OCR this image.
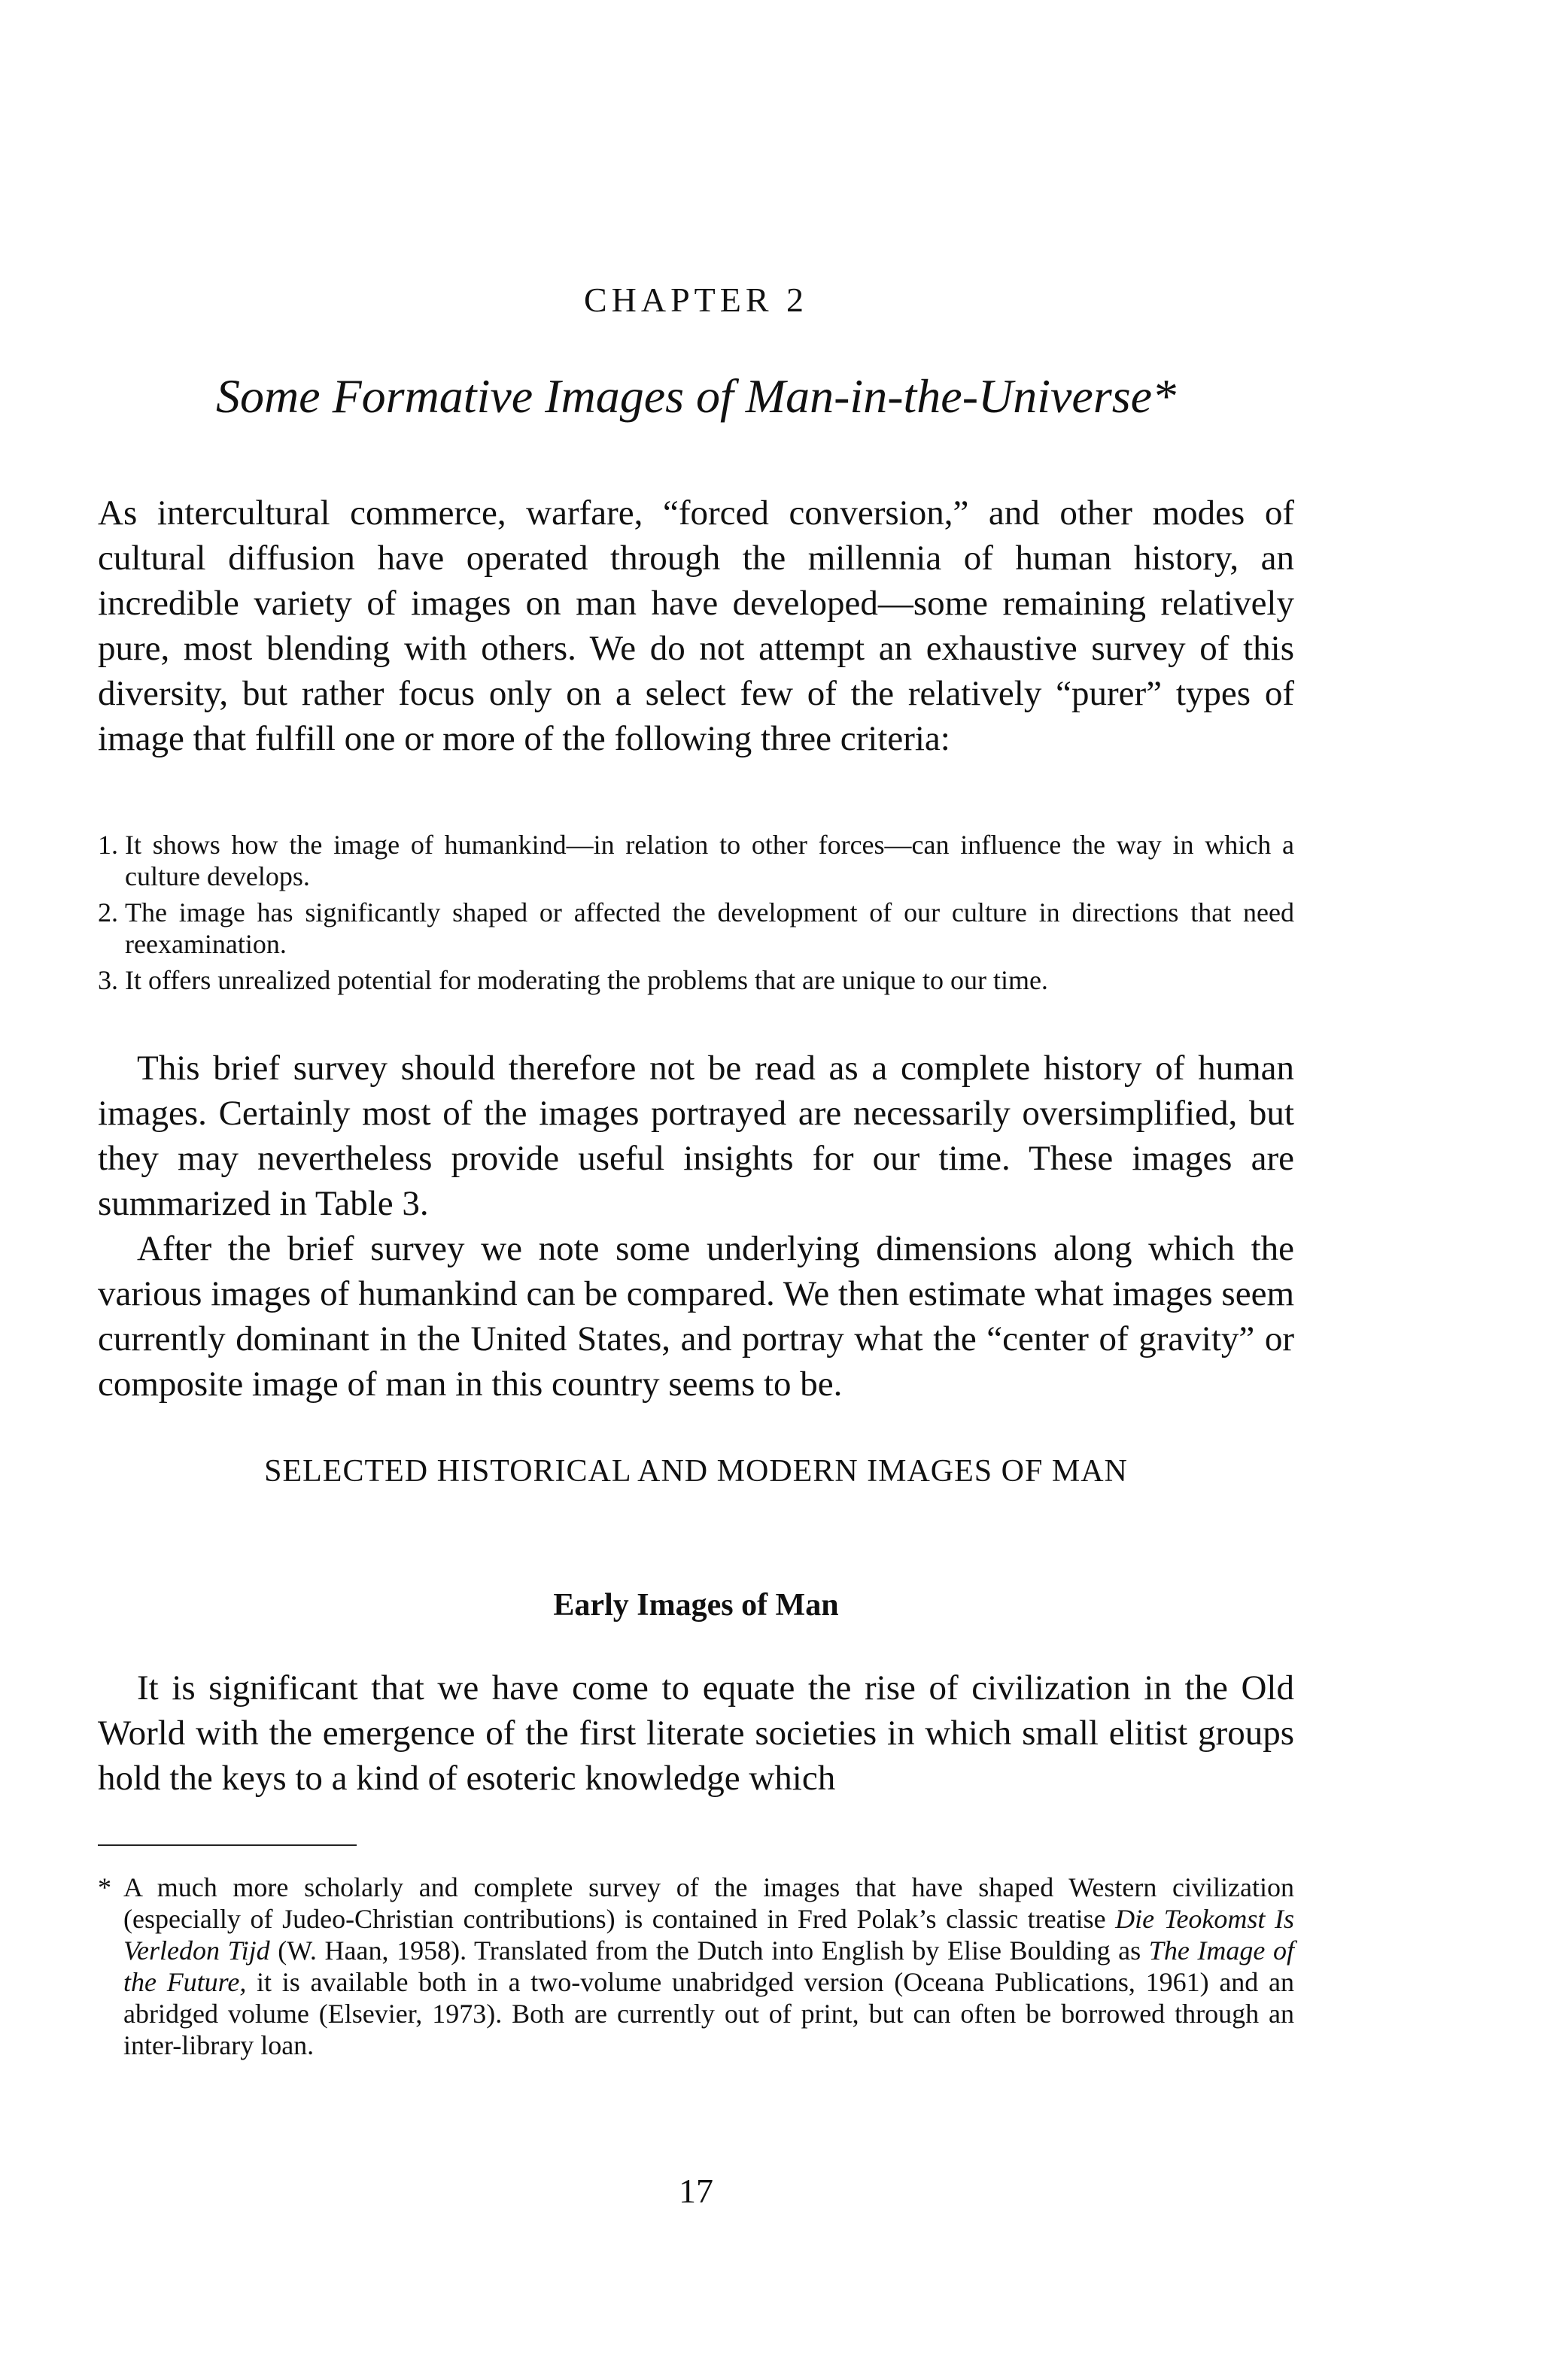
CHAPTER 2
Some Formative Images of Man-in-the-Universe*

As intercultural commerce, warfare, “forced conversion,” and other modes of cultural diffusion have operated through the millennia of human history, an incredible variety of images on man have developed—some remaining relatively pure, most blending with others. We do not attempt an exhaustive survey of this diversity, but rather focus only on a select few of the relatively “purer” types of image that fulfill one or more of the following three criteria:

1. It shows how the image of humankind—in relation to other forces—can influence the way in which a culture develops.
2. The image has significantly shaped or affected the development of our culture in directions that need reexamination.
3. It offers unrealized potential for moderating the problems that are unique to our time.

This brief survey should therefore not be read as a complete history of human images. Certainly most of the images portrayed are necessarily oversimplified, but they may nevertheless provide useful insights for our time. These images are summarized in Table 3.

After the brief survey we note some underlying dimensions along which the various images of humankind can be compared. We then estimate what images seem currently dominant in the United States, and portray what the “center of gravity” or composite image of man in this country seems to be.

SELECTED HISTORICAL AND MODERN IMAGES OF MAN
Early Images of Man

It is significant that we have come to equate the rise of civilization in the Old World with the emergence of the first literate societies in which small elitist groups hold the keys to a kind of esoteric knowledge which

* A much more scholarly and complete survey of the images that have shaped Western civilization (especially of Judeo-Christian contributions) is contained in Fred Polak’s classic treatise Die Teokomst Is Verledon Tijd (W. Haan, 1958). Translated from the Dutch into English by Elise Boulding as The Image of the Future, it is available both in a two-volume unabridged version (Oceana Publications, 1961) and an abridged volume (Elsevier, 1973). Both are currently out of print, but can often be borrowed through an inter-library loan.
17
